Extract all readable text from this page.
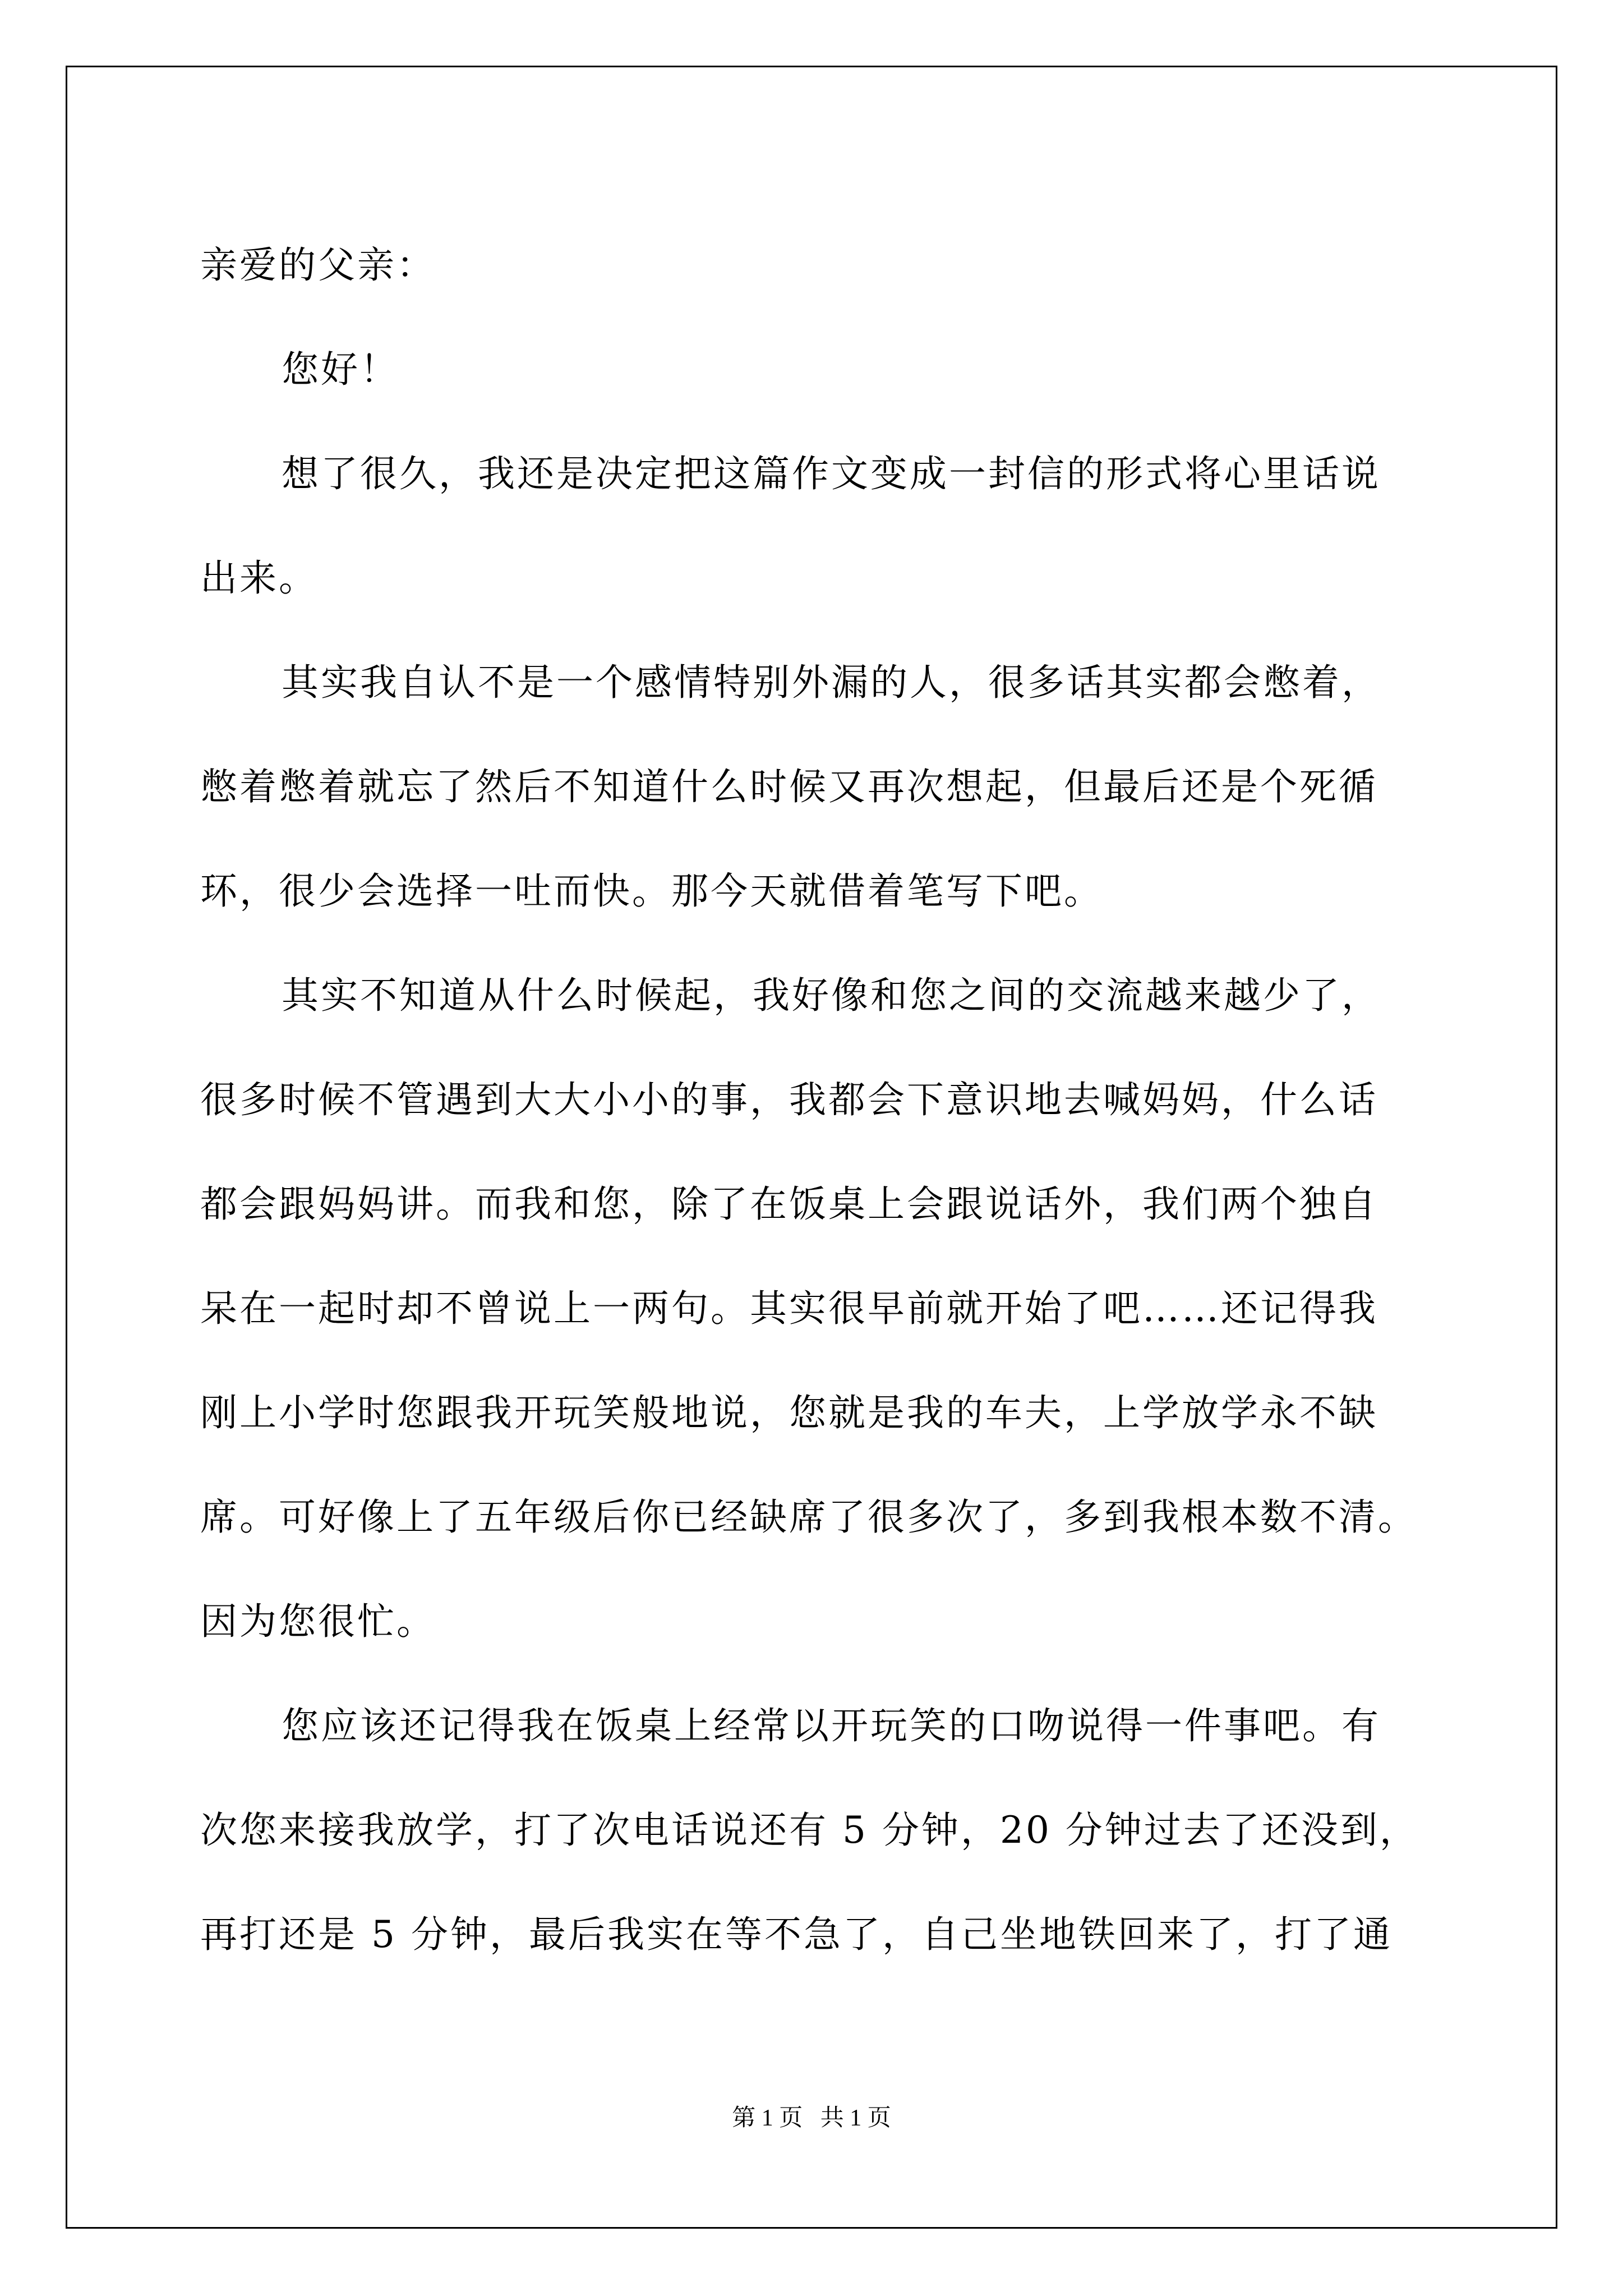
亲爱的父亲：
您好！
想了很久，我还是决定把这篇作文变成一封信的形式将心里话说
出来。
其实我自认不是一个感情特别外漏的人，很多话其实都会憋着，
憋着憋着就忘了然后不知道什么时候又再次想起，但最后还是个死循
环，很少会选择一吐而快。那今天就借着笔写下吧。
其实不知道从什么时候起，我好像和您之间的交流越来越少了，
很多时候不管遇到大大小小的事，我都会下意识地去喊妈妈，什么话
都会跟妈妈讲。而我和您，除了在饭桌上会跟说话外，我们两个独自
呆在一起时却不曾说上一两句。其实很早前就开始了吧……还记得我
刚上小学时您跟我开玩笑般地说，您就是我的车夫，上学放学永不缺
席。可好像上了五年级后你已经缺席了很多次了，多到我根本数不清。
因为您很忙。
您应该还记得我在饭桌上经常以开玩笑的口吻说得一件事吧。有
次您来接我放学，打了次电话说还有 5 分钟，20 分钟过去了还没到，
再打还是 5 分钟，最后我实在等不急了，自己坐地铁回来了，打了通
第 1 页   共 1 页
